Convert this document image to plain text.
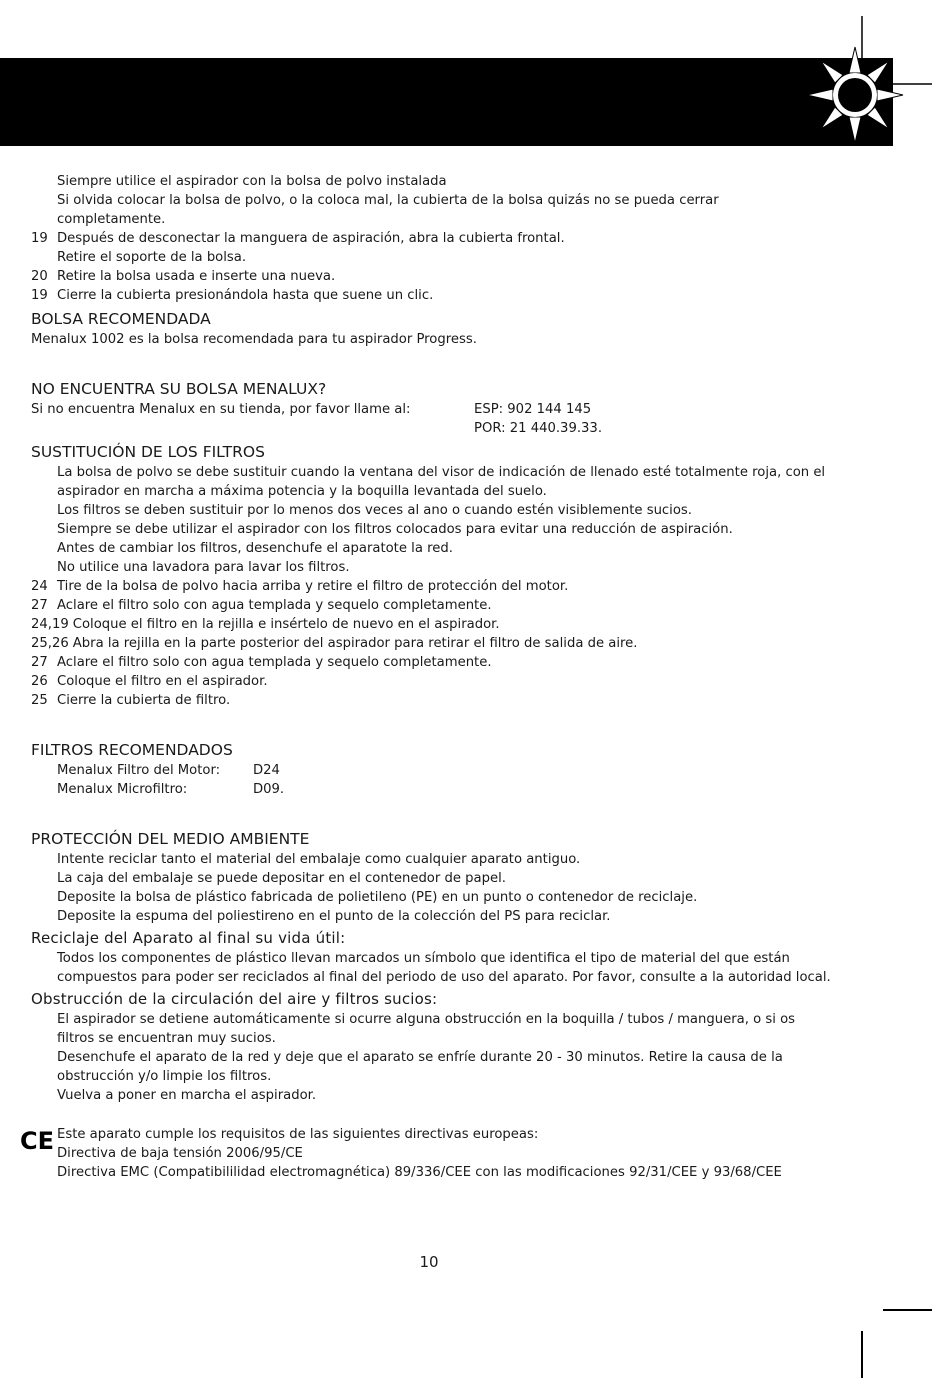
Siempre utilice el aspirador con la bolsa de polvo instalada
Si olvida colocar la bolsa de polvo, o la coloca mal, la cubierta de la bolsa quizás no se pueda cerrar completamente.
19 Después de desconectar la manguera de aspiración, abra la cubierta frontal.
Retire el soporte de la bolsa.
20 Retire la bolsa usada e inserte una nueva.
19 Cierre la cubierta presionándola hasta que suene un clic.
BOLSA RECOMENDADA
Menalux 1002 es la bolsa recomendada para tu aspirador Progress.
NO ENCUENTRA SU BOLSA MENALUX?
Si no encuentra Menalux en su tienda, por favor llame al:	ESP: 902 144 145
POR: 21 440.39.33.
SUSTITUCIÓN DE LOS FILTROS
La bolsa de polvo se debe sustituir cuando la ventana del visor de indicación de llenado esté totalmente roja, con el aspirador en marcha a máxima potencia y la boquilla levantada del suelo.
Los filtros se deben sustituir por lo menos dos veces al ano o cuando estén visiblemente sucios.
Siempre se debe utilizar el aspirador con los filtros colocados para evitar una reducción de aspiración.
Antes de cambiar los filtros, desenchufe el aparatote la red.
No utilice una lavadora para lavar los filtros.
24 Tire de la bolsa de polvo hacia arriba y retire el filtro de protección del motor.
27 Aclare el filtro solo con agua templada y sequelo completamente.
24,19 Coloque el filtro en la rejilla e insértelo de nuevo en el aspirador.
25,26 Abra la rejilla en la parte posterior del aspirador para retirar el filtro de salida de aire.
27 Aclare el filtro solo con agua templada y sequelo completamente.
26 Coloque el filtro en el aspirador.
25 Cierre la cubierta de filtro.
FILTROS RECOMENDADOS
Menalux Filtro del Motor:	D24
Menalux Microfiltro:	D09.
PROTECCIÓN DEL MEDIO AMBIENTE
Intente reciclar tanto el material del embalaje como cualquier aparato antiguo.
La caja del embalaje se puede depositar en el contenedor de papel.
Deposite la bolsa de plástico fabricada de polietileno (PE) en un punto o contenedor de reciclaje.
Deposite la espuma del poliestireno en el punto de la colección del PS para reciclar.
Reciclaje del Aparato al final su vida útil:
Todos los componentes de plástico llevan marcados un símbolo que identifica el tipo de material del que están compuestos para poder ser reciclados al final del periodo de uso del aparato. Por favor, consulte a la autoridad local.
Obstrucción de la circulación del aire y filtros sucios:
El aspirador se detiene automáticamente si ocurre alguna obstrucción en la boquilla / tubos / manguera, o si os filtros se encuentran muy sucios.
Desenchufe el aparato de la red y deje que el aparato se enfríe durante 20 - 30 minutos. Retire la causa de la obstrucción y/o limpie los filtros.
Vuelva a poner en marcha el aspirador.
CE Este aparato cumple los requisitos de las siguientes directivas europeas:
Directiva de baja tensión 2006/95/CE
Directiva EMC (Compatibililidad electromagnética) 89/336/CEE con las modificaciones 92/31/CEE y 93/68/CEE
10
